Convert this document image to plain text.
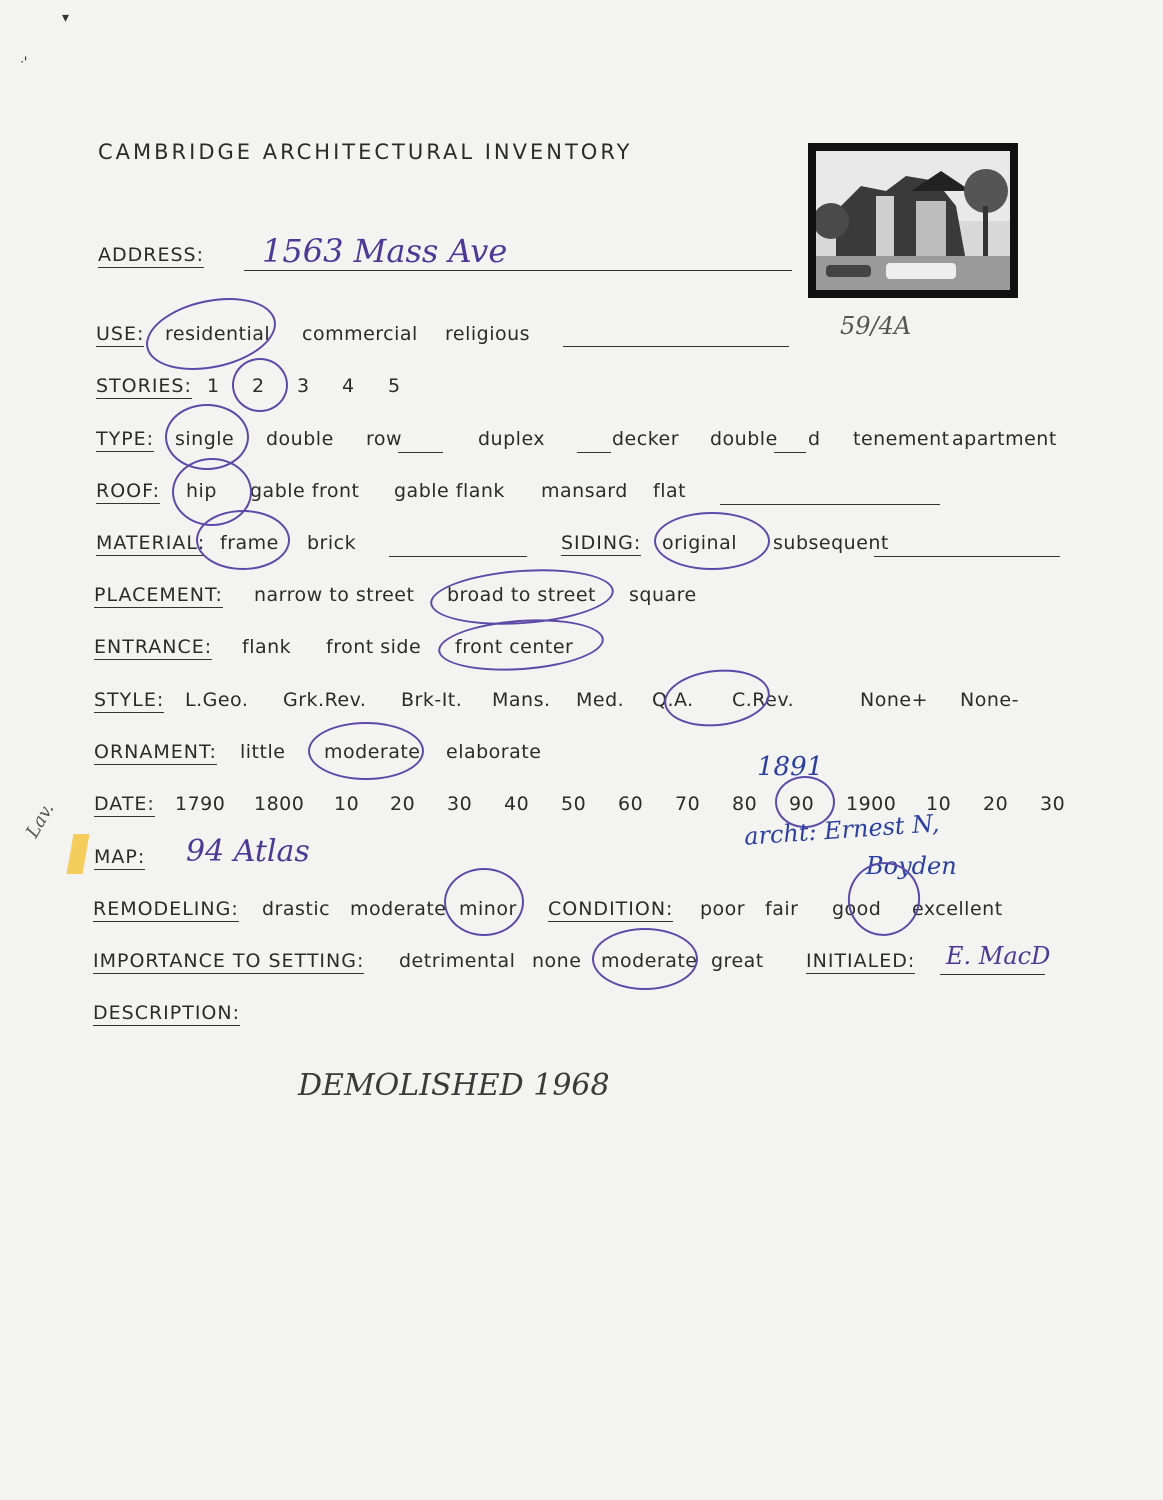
▾
ᐧ'
CAMBRIDGE ARCHITECTURAL INVENTORY
59/4A
ADDRESS: 1563 Mass Ave
USE: residential commercial religious
STORIES: 1 2 3 4 5
TYPE: single double row	duplex	decker double d tenement apartment
ROOF: hip gable front gable flank mansard flat
MATERIAL: frame brick	SIDING: original subsequent
PLACEMENT: narrow to street broad to street square
ENTRANCE: flank front side front center
STYLE: L.Geo. Grk.Rev. Brk-It. Mans. Med. Q.A. C.Rev.	None+ None-
ORNAMENT: little moderate elaborate
DATE: 1790 1800 10 20 30 40 50 60 70 80 90 1900 10 20 30
1891
Lav.
MAP: 94 Atlas
archt: Ernest N,
Boyden
REMODELING: drastic moderate minor CONDITION: poor fair good excellent
IMPORTANCE TO SETTING: detrimental none moderate great INITIALED: E. MacD
DESCRIPTION:
DEMOLISHED 1968
